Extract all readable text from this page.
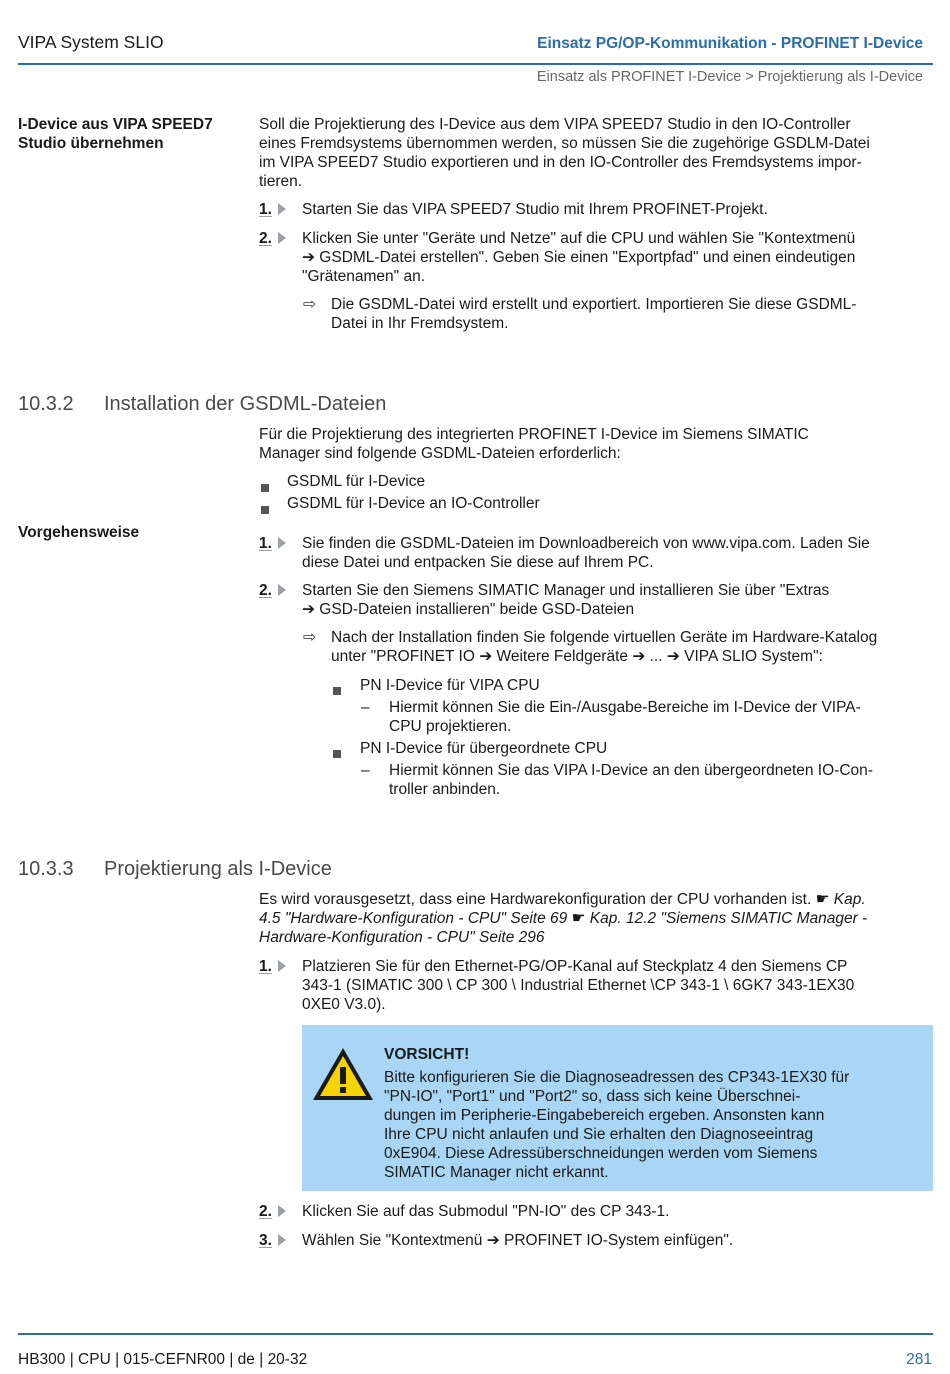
VIPA System SLIO	Einsatz PG/OP-Kommunikation - PROFINET I-Device
Einsatz als PROFINET I-Device > Projektierung als I-Device
I-Device aus VIPA SPEED7
Studio übernehmen
Soll die Projektierung des I-Device aus dem VIPA SPEED7 Studio in den IO-Controller
eines Fremdsystems übernommen werden, so müssen Sie die zugehörige GSDLM-Datei
im VIPA SPEED7 Studio exportieren und in den IO-Controller des Fremdsystems impor-
tieren.
1.	Starten Sie das VIPA SPEED7 Studio mit Ihrem PROFINET-Projekt.
2.	Klicken Sie unter "Geräte und Netze" auf die CPU und wählen Sie "Kontextmenü
➔ GSDML-Datei erstellen". Geben Sie einen "Exportpfad" und einen eindeutigen
"Grätenamen" an.
⇨ Die GSDML-Datei wird erstellt und exportiert. Importieren Sie diese GSDML-
Datei in Ihr Fremdsystem.
10.3.2 Installation der GSDML-Dateien
Für die Projektierung des integrierten PROFINET I-Device im Siemens SIMATIC
Manager sind folgende GSDML-Dateien erforderlich:
GSDML für I-Device
GSDML für I-Device an IO-Controller
Vorgehensweise
1.	Sie finden die GSDML-Dateien im Downloadbereich von www.vipa.com. Laden Sie
diese Datei und entpacken Sie diese auf Ihrem PC.
2.	Starten Sie den Siemens SIMATIC Manager und installieren Sie über "Extras
➔ GSD-Dateien installieren" beide GSD-Dateien
⇨ Nach der Installation finden Sie folgende virtuellen Geräte im Hardware-Katalog
unter "PROFINET IO ➔ Weitere Feldgeräte ➔ ... ➔ VIPA SLIO System":
PN I-Device für VIPA CPU
– Hiermit können Sie die Ein-/Ausgabe-Bereiche im I-Device der VIPA-
CPU projektieren.
PN I-Device für übergeordnete CPU
– Hiermit können Sie das VIPA I-Device an den übergeordneten IO-Con-
troller anbinden.
10.3.3 Projektierung als I-Device
Es wird vorausgesetzt, dass eine Hardwarekonfiguration der CPU vorhanden ist. ☛ Kap.
4.5 "Hardware-Konfiguration - CPU" Seite 69 ☛ Kap. 12.2 "Siemens SIMATIC Manager -
Hardware-Konfiguration - CPU" Seite 296
1.	Platzieren Sie für den Ethernet-PG/OP-Kanal auf Steckplatz 4 den Siemens CP
343-1 (SIMATIC 300 \ CP 300 \ Industrial Ethernet \CP 343-1 \ 6GK7 343-1EX30
0XE0 V3.0).
VORSICHT!
Bitte konfigurieren Sie die Diagnoseadressen des CP343-1EX30 für
"PN-IO", "Port1" und "Port2" so, dass sich keine Überschnei-
dungen im Peripherie-Eingabebereich ergeben. Ansonsten kann
Ihre CPU nicht anlaufen und Sie erhalten den Diagnoseeintrag
0xE904. Diese Adressüberschneidungen werden vom Siemens
SIMATIC Manager nicht erkannt.
2.	Klicken Sie auf das Submodul "PN-IO" des CP 343-1.
3.	Wählen Sie "Kontextmenü ➔ PROFINET IO-System einfügen".
HB300 | CPU | 015-CEFNR00 | de | 20-32	281
